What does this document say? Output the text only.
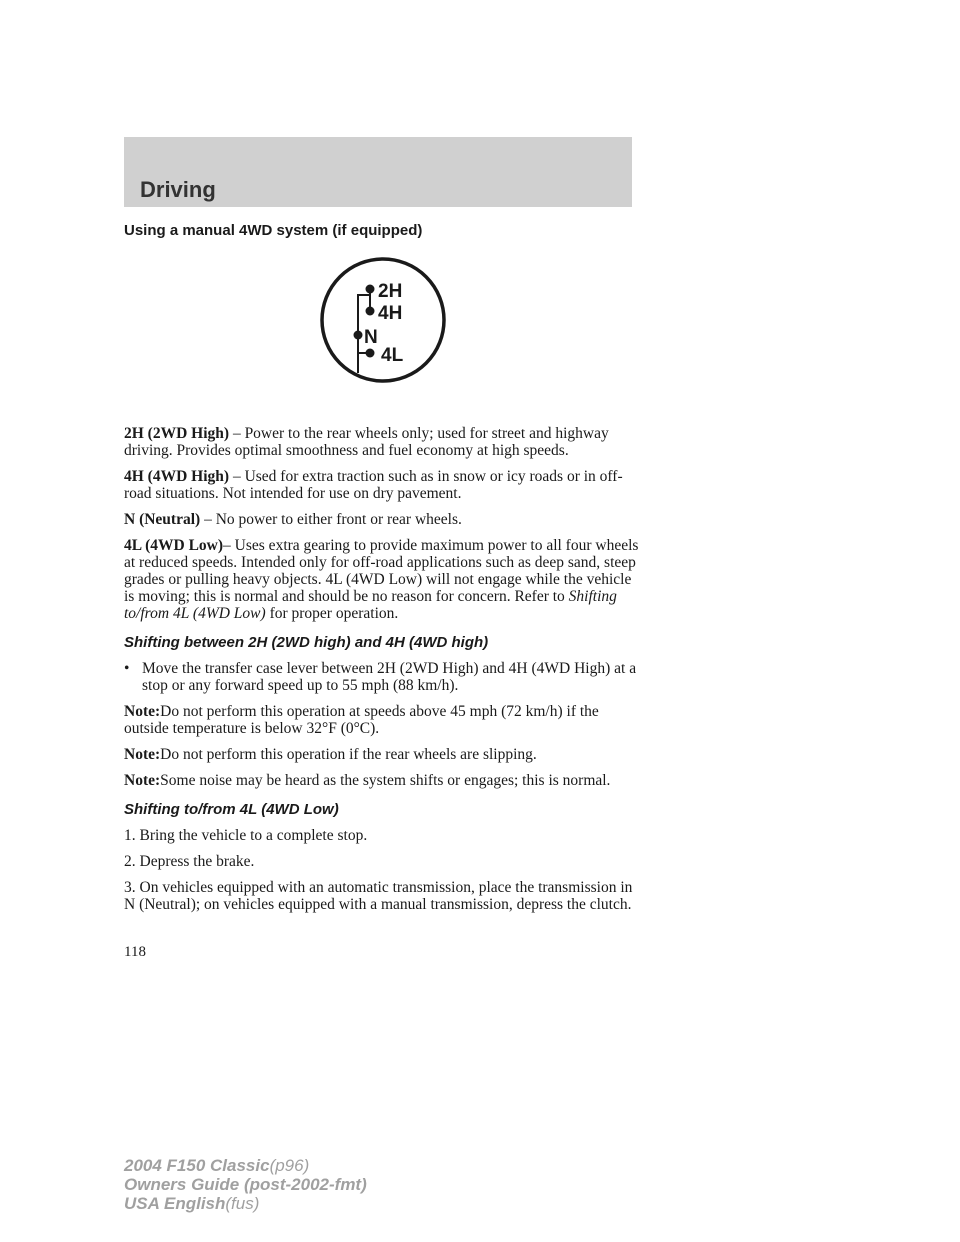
Driving
Using a manual 4WD system (if equipped)
2H
4H
N
4L

2H (2WD High) – Power to the rear wheels only; used for street and highway driving. Provides optimal smoothness and fuel economy at high speeds.

4H (4WD High) – Used for extra traction such as in snow or icy roads or in off-road situations. Not intended for use on dry pavement.

N (Neutral) – No power to either front or rear wheels.

4L (4WD Low)– Uses extra gearing to provide maximum power to all four wheels at reduced speeds. Intended only for off-road applications such as deep sand, steep grades or pulling heavy objects. 4L (4WD Low) will not engage while the vehicle is moving; this is normal and should be no reason for concern. Refer to Shifting to/from 4L (4WD Low) for proper operation.

Shifting between 2H (2WD high) and 4H (4WD high)
• Move the transfer case lever between 2H (2WD High) and 4H (4WD High) at a stop or any forward speed up to 55 mph (88 km/h).

Note:Do not perform this operation at speeds above 45 mph (72 km/h) if the outside temperature is below 32°F (0°C).

Note:Do not perform this operation if the rear wheels are slipping.

Note:Some noise may be heard as the system shifts or engages; this is normal.

Shifting to/from 4L (4WD Low)

1. Bring the vehicle to a complete stop.

2. Depress the brake.

3. On vehicles equipped with an automatic transmission, place the transmission in N (Neutral); on vehicles equipped with a manual transmission, depress the clutch.

118
2004 F150 Classic(p96)
Owners Guide (post-2002-fmt)
USA English(fus)
